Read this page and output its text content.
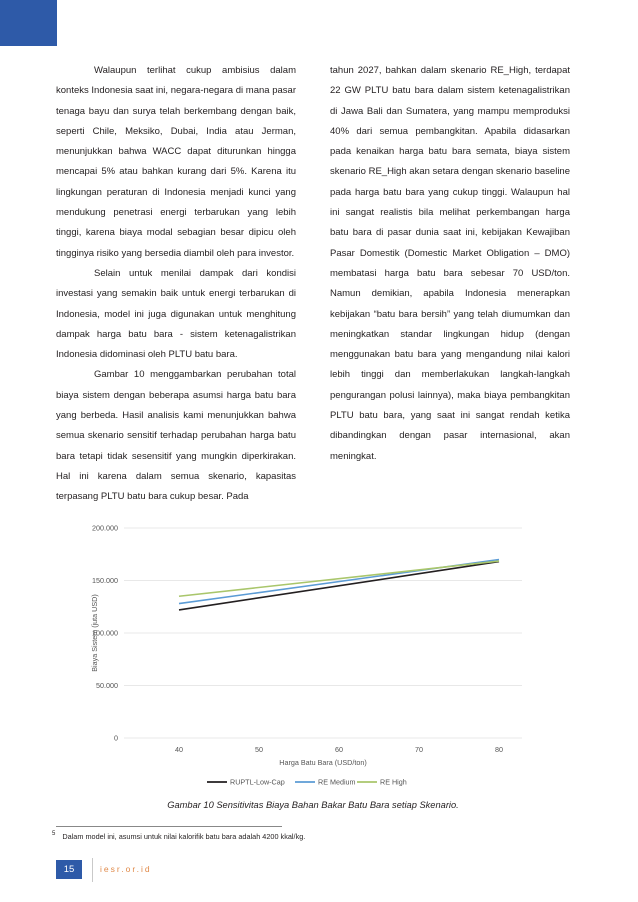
Walaupun terlihat cukup ambisius dalam konteks Indonesia saat ini, negara-negara di mana pasar tenaga bayu dan surya telah berkembang dengan baik, seperti Chile, Meksiko, Dubai, India atau Jerman, menunjukkan bahwa WACC dapat diturunkan hingga mencapai 5% atau bahkan kurang dari 5%. Karena itu lingkungan peraturan di Indonesia menjadi kunci yang mendukung penetrasi energi terbarukan yang lebih tinggi, karena biaya modal sebagian besar dipicu oleh tingginya risiko yang bersedia diambil oleh para investor.

Selain untuk menilai dampak dari kondisi investasi yang semakin baik untuk energi terbarukan di Indonesia, model ini juga digunakan untuk menghitung dampak harga batu bara - sistem ketenagalistrikan Indonesia didominasi oleh PLTU batu bara.

Gambar 10 menggambarkan perubahan total biaya sistem dengan beberapa asumsi harga batu bara yang berbeda. Hasil analisis kami menunjukkan bahwa semua skenario sensitif terhadap perubahan harga batu bara tetapi tidak sesensitif yang mungkin diperkirakan. Hal ini karena dalam semua skenario, kapasitas terpasang PLTU batu bara cukup besar. Pada

tahun 2027, bahkan dalam skenario RE_High, terdapat 22 GW PLTU batu bara dalam sistem ketenagalistrikan di Jawa Bali dan Sumatera, yang mampu memproduksi 40% dari semua pembangkitan. Apabila didasarkan pada kenaikan harga batu bara semata, biaya sistem skenario RE_High akan setara dengan skenario baseline pada harga batu bara yang cukup tinggi. Walaupun hal ini sangat realistis bila melihat perkembangan harga batu bara di pasar dunia saat ini, kebijakan Kewajiban Pasar Domestik (Domestic Market Obligation – DMO) membatasi harga batu bara sebesar 70 USD/ton. Namun demikian, apabila Indonesia menerapkan kebijakan “batu bara bersih” yang telah diumumkan dan meningkatkan standar lingkungan hidup (dengan menggunakan batu bara yang mengandung nilai kalori lebih tinggi dan memberlakukan langkah-langkah pengurangan polusi lainnya), maka biaya pembangkitan PLTU batu bara, yang saat ini sangat rendah ketika dibandingkan dengan pasar internasional, akan meningkat.

0
50.000
100.000
150.000
200.000
40	50	60	70	80
Harga Batu Bara (USD/ton)
Biaya Sistem (juta USD)
RUPTL-Low-Cap	RE Medium	RE High
Gambar 10 Sensitivitas Biaya Bahan Bakar Batu Bara setiap Skenario.
$^5$ Dalam model ini, asumsi untuk nilai kalorifik batu bara adalah 4200 kkal/kg.
15	iesr.or.id
